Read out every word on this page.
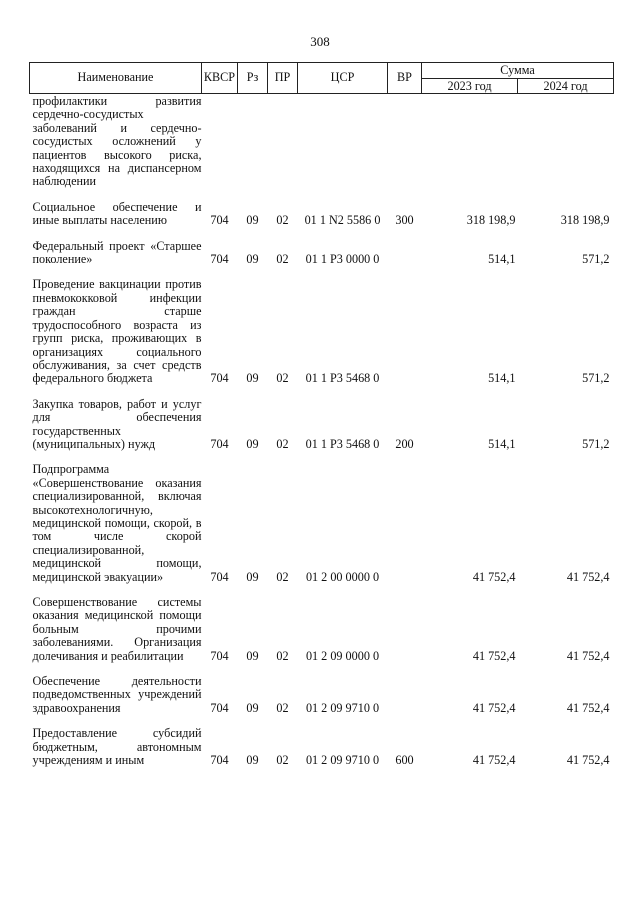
308
Наименование	КВСР	Рз	ПР	ЦСР	ВР	Сумма	
						2023 год	2024 год
профилактики развития сердечно-сосудистых заболеваний и сердечно-сосудистых осложнений у пациентов высокого риска, находящихся на диспансерном наблюдении							
Социальное обеспечение и иные выплаты населению	704	09	02	01 1 N2 5586 0	300	318 198,9	318 198,9
Федеральный проект «Старшее поколение»	704	09	02	01 1 P3 0000 0		514,1	571,2
Проведение вакцинации против пневмококковой инфекции граждан старше трудоспособного возраста из групп риска, проживающих в организациях социального обслуживания, за счет средств федерального бюджета	704	09	02	01 1 P3 5468 0		514,1	571,2
Закупка товаров, работ и услуг для обеспечения государственных (муниципальных) нужд	704	09	02	01 1 P3 5468 0	200	514,1	571,2
Подпрограмма «Совершенствование оказания специализированной, включая высокотехнологичную, медицинской помощи, скорой, в том числе скорой специализированной, медицинской помощи, медицинской эвакуации»	704	09	02	01 2 00 0000 0		41 752,4	41 752,4
Совершенствование системы оказания медицинской помощи больным прочими заболеваниями. Организация долечивания и реабилитации	704	09	02	01 2 09 0000 0		41 752,4	41 752,4
Обеспечение деятельности подведомственных учреждений здравоохранения	704	09	02	01 2 09 9710 0		41 752,4	41 752,4
Предоставление субсидий бюджетным, автономным учреждениям и иным	704	09	02	01 2 09 9710 0	600	41 752,4	41 752,4
